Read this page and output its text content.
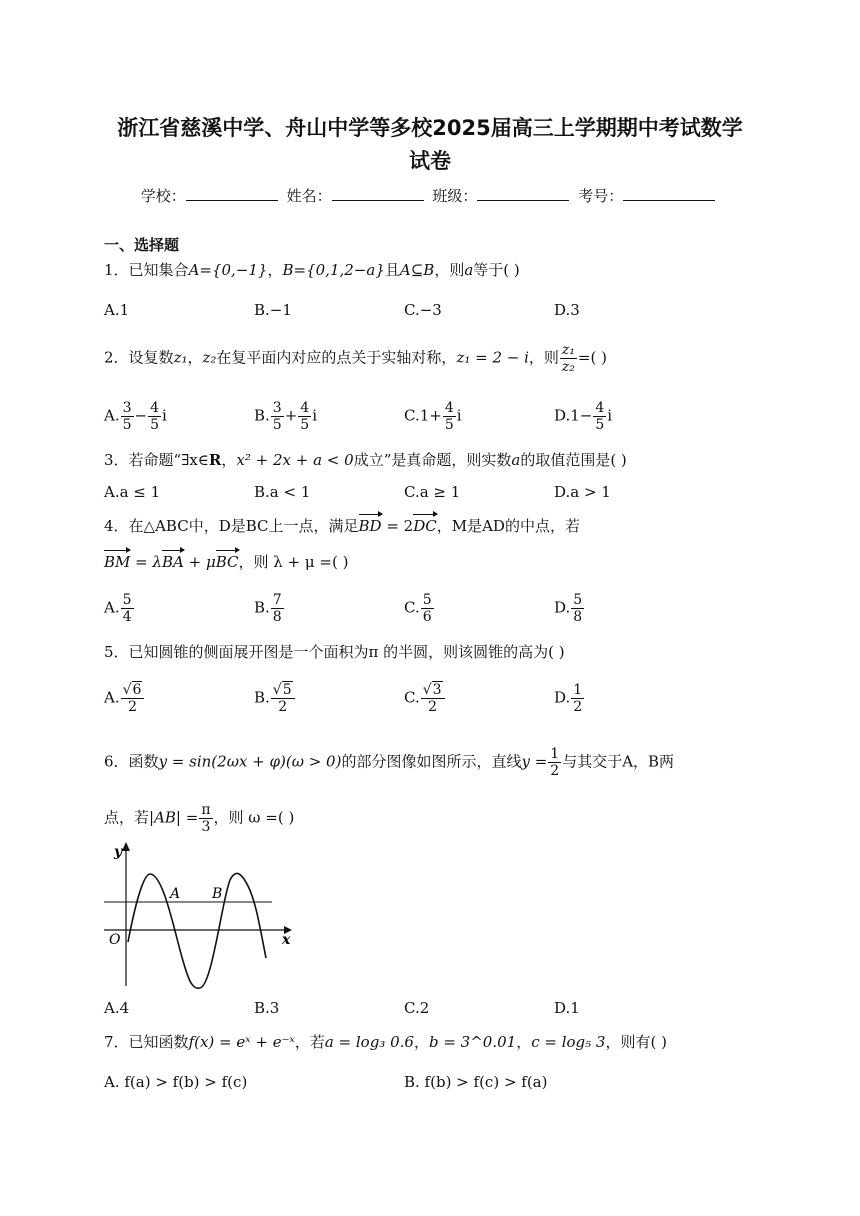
浙江省慈溪中学、舟山中学等多校2025届高三上学期期中考试数学
试卷
学校：	姓名：	班级：	考号：
一、选择题
1．已知集合A={0,−1}，B={0,1,2−a}且A⊆B，则a等于( )
A.1	B.−1	C.−3	D.3
2．设复数z₁，z₂在复平面内对应的点关于实轴对称，z₁ = 2 − i，则 $\frac{\text{z₁}}{\text{z₂}}$ =( )
A. $\frac{3}{5} - \frac{4}{5}$ i	B. $\frac{3}{5} + \frac{4}{5}$ i	$C.1+ \frac{4}{5}$ i	$D.1- \frac{4}{5}$ i
3．若命题“∃x∈R，x² + 2x + a < 0成立”是真命题，则实数a的取值范围是( )
A.a ≤ 1	B.a < 1	C.a ≥ 1	D.a > 1
4．在△ABC中，D是BC上一点，满足BD = 2DC，M是AD的中点，若
BM = λBA + μBC，则 λ + μ =( )
A. $\frac{5}{4}$	B. $\frac{7}{8}$	C. $\frac{5}{6}$	D. $\frac{5}{8}$
5．已知圆锥的侧面展开图是一个面积为π 的半圆，则该圆锥的高为( )
A. $\frac{√6}{2}$	B. $\frac{√5}{2}$	C. $\frac{√3}{2}$	D. $\frac{1}{2}$
6．函数y = sin(2ωx + φ)(ω > 0)的部分图像如图所示，直线$y = \frac{1}{2}$ 与其交于A，B两
点，若$|AB| = \frac{\pi}{3}$ ，则 ω =( )
O
y
x
A B
A.4	B.3	C.2	D.1
7．已知函数f(x) = eˣ + e⁻ˣ，若a = log₃ 0.6，b = 3^0.01，c = log₅ 3，则有( )
A. f(a) > f(b) > f(c)	B. f(b) > f(c) > f(a)
